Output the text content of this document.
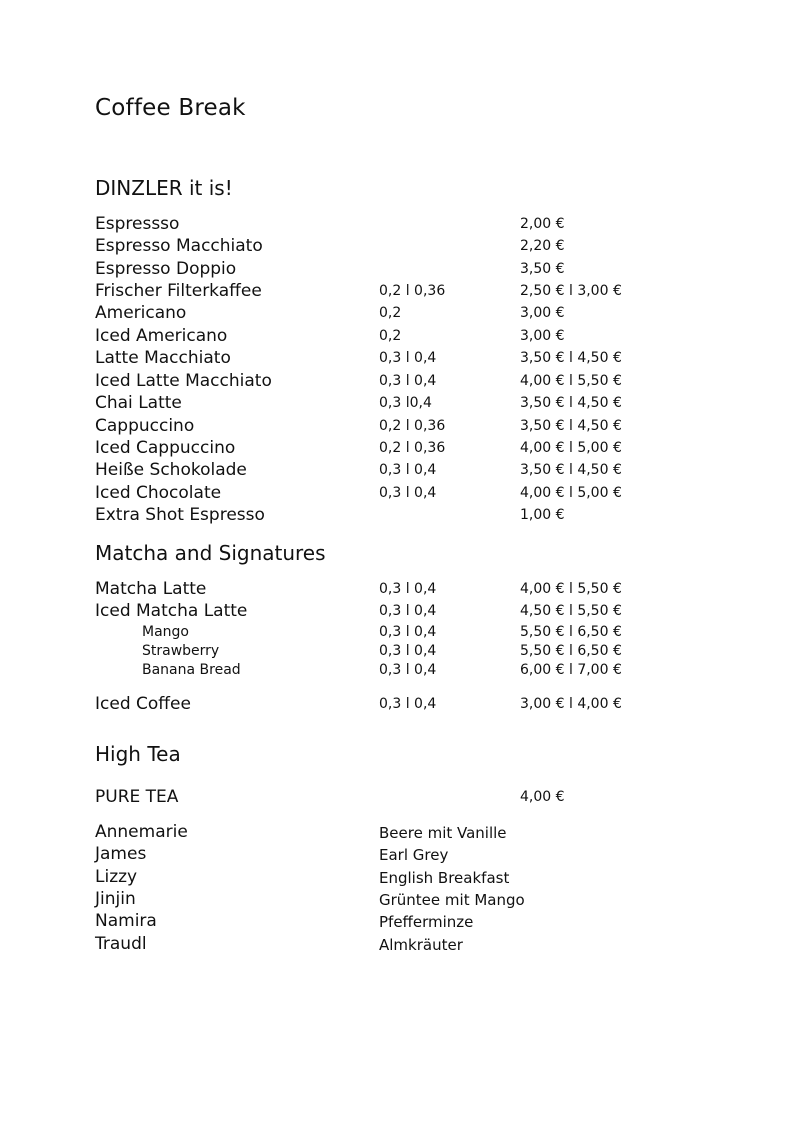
Coffee Break
DINZLER it is!
Espressso	2,00 €
Espresso Macchiato	2,20 €
Espresso Doppio	3,50 €
Frischer Filterkaffee	0,2 l 0,36	2,50 € l 3,00 €
Americano	0,2	3,00 €
Iced Americano	0,2	3,00 €
Latte Macchiato	0,3 l 0,4	3,50 € l 4,50 €
Iced Latte Macchiato	0,3 l 0,4	4,00 € l 5,50 €
Chai Latte	0,3 l0,4	3,50 € l 4,50 €
Cappuccino	0,2 l 0,36	3,50 € l 4,50 €
Iced Cappuccino	0,2 l 0,36	4,00 € l 5,00 €
Heiße Schokolade	0,3 l 0,4	3,50 € l 4,50 €
Iced Chocolate	0,3 l 0,4	4,00 € l 5,00 €
Extra Shot Espresso	1,00 €
Matcha and Signatures
Matcha Latte	0,3 l 0,4	4,00 € l 5,50 €
Iced Matcha Latte	0,3 l 0,4	4,50 € l 5,50 €
Mango	0,3 l 0,4	5,50 € l 6,50 €
Strawberry	0,3 l 0,4	5,50 € l 6,50 €
Banana Bread	0,3 l 0,4	6,00 € l 7,00 €
Iced Coffee	0,3 l 0,4	3,00 € l 4,00 €
High Tea
PURE TEA	4,00 €
Annemarie	Beere mit Vanille
James	Earl Grey
Lizzy	English Breakfast
Jinjin	Grüntee mit Mango
Namira	Pfefferminze
Traudl	Almkräuter
